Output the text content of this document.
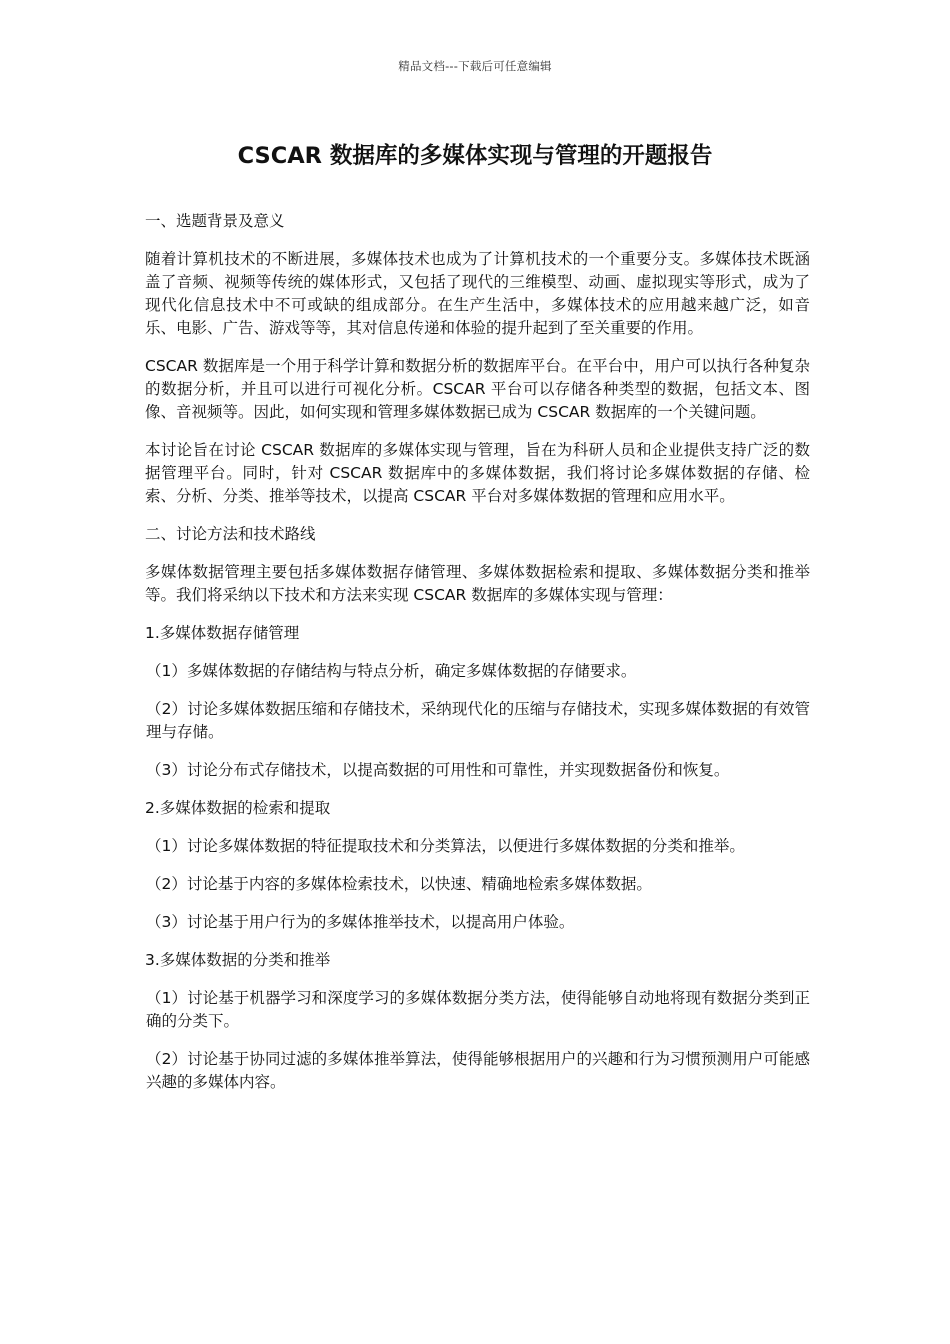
精品文档---下载后可任意编辑
CSCAR 数据库的多媒体实现与管理的开题报告

一、选题背景及意义

随着计算机技术的不断进展，多媒体技术也成为了计算机技术的一个重要分支。多媒体技术既涵盖了音频、视频等传统的媒体形式，又包括了现代的三维模型、动画、虚拟现实等形式，成为了现代化信息技术中不可或缺的组成部分。在生产生活中，多媒体技术的应用越来越广泛，如音乐、电影、广告、游戏等等，其对信息传递和体验的提升起到了至关重要的作用。

CSCAR 数据库是一个用于科学计算和数据分析的数据库平台。在平台中，用户可以执行各种复杂的数据分析，并且可以进行可视化分析。CSCAR 平台可以存储各种类型的数据，包括文本、图像、音视频等。因此，如何实现和管理多媒体数据已成为 CSCAR 数据库的一个关键问题。

本讨论旨在讨论 CSCAR 数据库的多媒体实现与管理，旨在为科研人员和企业提供支持广泛的数据管理平台。同时，针对 CSCAR 数据库中的多媒体数据，我们将讨论多媒体数据的存储、检索、分析、分类、推举等技术，以提高 CSCAR 平台对多媒体数据的管理和应用水平。

二、讨论方法和技术路线

多媒体数据管理主要包括多媒体数据存储管理、多媒体数据检索和提取、多媒体数据分类和推举等。我们将采纳以下技术和方法来实现 CSCAR 数据库的多媒体实现与管理：

1.多媒体数据存储管理

（1）多媒体数据的存储结构与特点分析，确定多媒体数据的存储要求。

（2）讨论多媒体数据压缩和存储技术，采纳现代化的压缩与存储技术，实现多媒体数据的有效管理与存储。

（3）讨论分布式存储技术，以提高数据的可用性和可靠性，并实现数据备份和恢复。

2.多媒体数据的检索和提取

（1）讨论多媒体数据的特征提取技术和分类算法，以便进行多媒体数据的分类和推举。

（2）讨论基于内容的多媒体检索技术，以快速、精确地检索多媒体数据。

（3）讨论基于用户行为的多媒体推举技术，以提高用户体验。

3.多媒体数据的分类和推举

（1）讨论基于机器学习和深度学习的多媒体数据分类方法，使得能够自动地将现有数据分类到正确的分类下。

（2）讨论基于协同过滤的多媒体推举算法，使得能够根据用户的兴趣和行为习惯预测用户可能感兴趣的多媒体内容。
